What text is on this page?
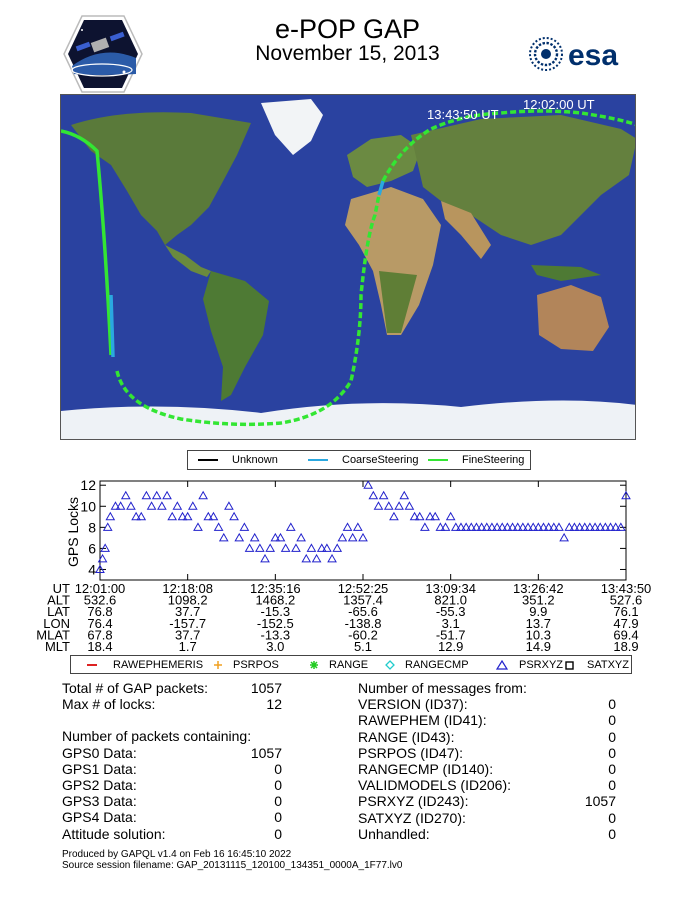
e-POP GAP
November 15, 2013	esa
12:02:00 UT
13:43:50 UT
Unknown	CoarseSteering	FineSteering
4
6
8
10
12
GPS Locks
UT 12:01:00	12:18:08	12:35:16	12:52:25	13:09:34	13:26:42	13:43:50
ALT 532.6	1098.2	1468.2	1357.4	821.0	351.2	527.6
LAT 76.8	37.7	-15.3	-65.6	-55.3	9.9	76.1
LON 76.4	-157.7	-152.5	-138.8	3.1	13.7	47.9
MLAT 67.8	37.7	-13.3	-60.2	-51.7	10.3	69.4
MLT 18.4	1.7	3.0	5.1	12.9	14.9	18.9
RAWEPHEMERIS	PSRPOS	RANGE	RANGECMP	PSRXYZ SATXYZ
Total # of GAP packets:	1057
Max # of locks:	12
Number of packets containing:
GPS0 Data:	1057
GPS1 Data:	0
GPS2 Data:	0
GPS3 Data:	0
GPS4 Data:	0
Attitude solution:	0
Number of messages from:
VERSION (ID37):	0
RAWEPHEM (ID41):	0
RANGE (ID43):	0
PSRPOS (ID47):	0
RANGECMP (ID140):	0
VALIDMODELS (ID206):	0
PSRXYZ (ID243):	1057
SATXYZ (ID270):	0
Unhandled:	0
Produced by GAPQL v1.4 on Feb 16 16:45:10 2022
Source session filename: GAP_20131115_120100_134351_0000A_1F77.lv0
